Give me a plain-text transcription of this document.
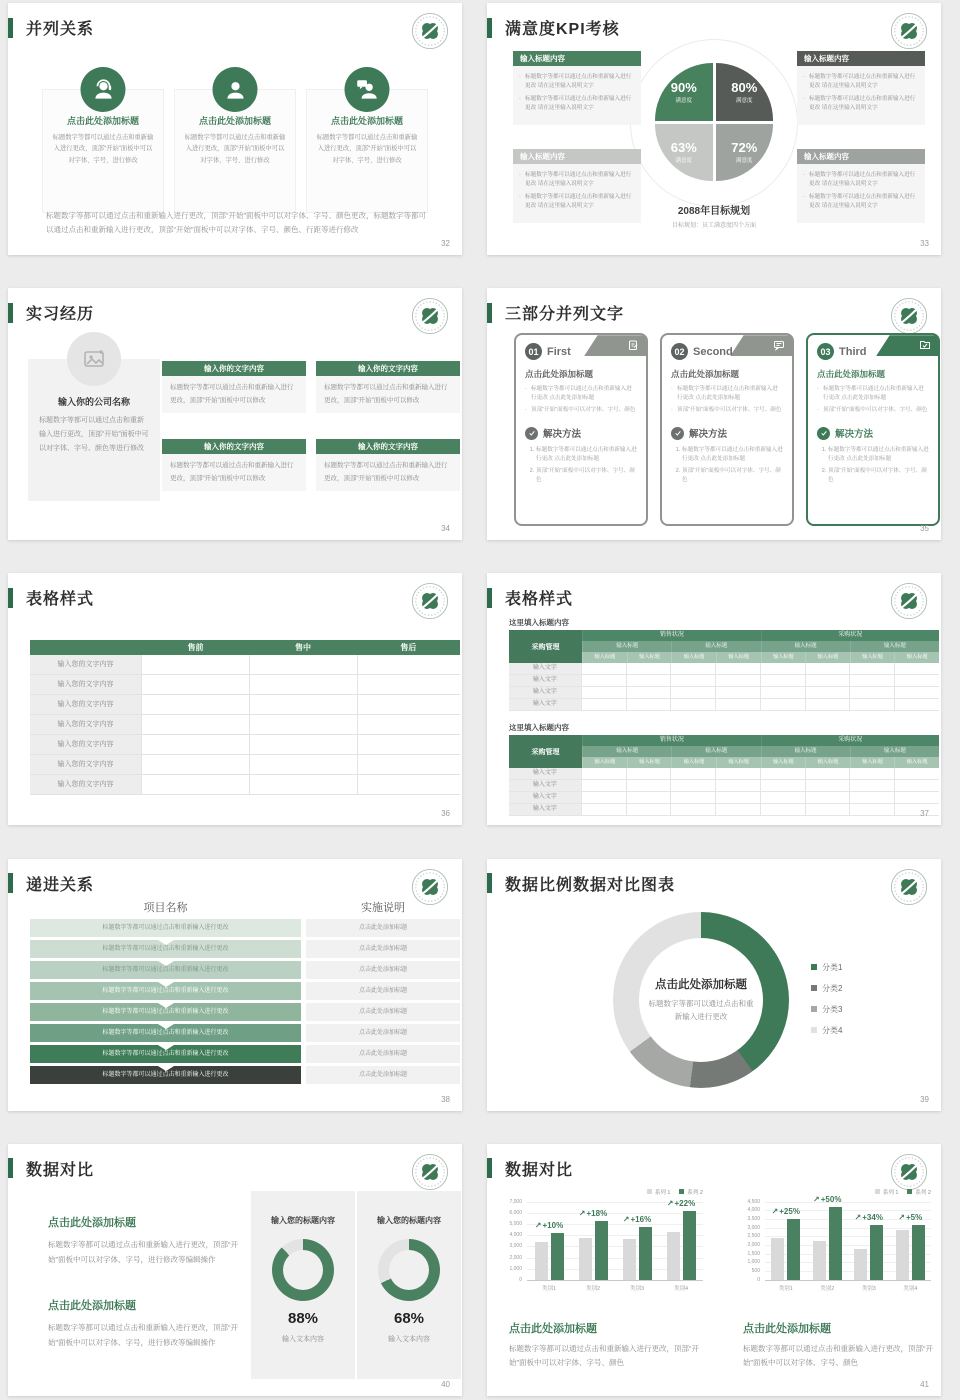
并列关系
点击此处添加标题

标题数字等都可以通过点击和重新输入进行更改，顶部“开始”面板中可以对字体、字号、进行修改

点击此处添加标题

标题数字等都可以通过点击和重新输入进行更改，顶部“开始”面板中可以对字体、字号、进行修改

点击此处添加标题

标题数字等都可以通过点击和重新输入进行更改，顶部“开始”面板中可以对字体、字号、进行修改

标题数字等都可以通过点击和重新输入进行更改，顶部“开始”面板中可以对字体、字号、颜色更改，标题数字等都可以通过点击和重新输入进行更改，顶部“开始”面板中可以对字体、字号、颜色、行距等进行修改

32
满意度KPI考核
输入标题内容
· 标题数字等都可以通过点击和重新输入进行更改 请在这里输入说明文字
· 标题数字等都可以通过点击和重新输入进行更改 请在这里输入说明文字
输入标题内容
· 标题数字等都可以通过点击和重新输入进行更改 请在这里输入说明文字
· 标题数字等都可以通过点击和重新输入进行更改 请在这里输入说明文字
输入标题内容
· 标题数字等都可以通过点击和重新输入进行更改 请在这里输入说明文字
· 标题数字等都可以通过点击和重新输入进行更改 请在这里输入说明文字
输入标题内容
· 标题数字等都可以通过点击和重新输入进行更改 请在这里输入说明文字
· 标题数字等都可以通过点击和重新输入进行更改 请在这里输入说明文字
90%
满意度
80%
满意度
63%
满意度
72%
满意度
2088年目标规划
目标规划：员工满意度四个方面
33
实习经历
输入你的公司名称

标题数字等都可以通过点击和重新输入进行更改，顶部“开始”面板中可以对字体、字号、颜色等进行修改

输入你的文字内容
标题数字等都可以通过点击和重新输入进行更改，顶部“开始”面板中可以修改
输入你的文字内容
标题数字等都可以通过点击和重新输入进行更改，顶部“开始”面板中可以修改
输入你的文字内容
标题数字等都可以通过点击和重新输入进行更改，顶部“开始”面板中可以修改
输入你的文字内容
标题数字等都可以通过点击和重新输入进行更改，顶部“开始”面板中可以修改
34
三部分并列文字
01 First
点击此处添加标题
· 标题数字等都可以通过点击和重新输入进行更改 点击此处添加标题
· 顶部“开始”面板中可以对字体、字号、颜色
解决方法
1. 标题数字等都可以通过点击和重新输入进行更改 点击此处添加标题
2. 顶部“开始”面板中可以对字体、字号、颜色
02 Second
点击此处添加标题
· 标题数字等都可以通过点击和重新输入进行更改 点击此处添加标题
· 顶部“开始”面板中可以对字体、字号、颜色
解决方法
1. 标题数字等都可以通过点击和重新输入进行更改 点击此处添加标题
2. 顶部“开始”面板中可以对字体、字号、颜色
03 Third
点击此处添加标题
· 标题数字等都可以通过点击和重新输入进行更改 点击此处添加标题
· 顶部“开始”面板中可以对字体、字号、颜色
解决方法
1. 标题数字等都可以通过点击和重新输入进行更改 点击此处添加标题
2. 顶部“开始”面板中可以对字体、字号、颜色
35
表格样式
售前	售中	售后
输入您的文字内容
输入您的文字内容
输入您的文字内容
输入您的文字内容
输入您的文字内容
输入您的文字内容
输入您的文字内容
36
表格样式
这里填入标题内容
采购管理
销售状况	采购状况
输入标题	输入标题	输入标题	输入标题
输入标题	输入标题	输入标题	输入标题	输入标题	输入标题	输入标题	输入标题
输入文字
输入文字
输入文字
输入文字
这里填入标题内容
采购管理
销售状况	采购状况
输入标题	输入标题	输入标题	输入标题
输入标题	输入标题	输入标题	输入标题	输入标题	输入标题	输入标题	输入标题
输入文字
输入文字
输入文字
输入文字	37
递进关系
项目名称	实施说明
标题数字等都可以通过点击和重新输入进行更改	点击此处添加标题
标题数字等都可以通过点击和重新输入进行更改	点击此处添加标题
标题数字等都可以通过点击和重新输入进行更改	点击此处添加标题
标题数字等都可以通过点击和重新输入进行更改	点击此处添加标题
标题数字等都可以通过点击和重新输入进行更改	点击此处添加标题
标题数字等都可以通过点击和重新输入进行更改	点击此处添加标题
标题数字等都可以通过点击和重新输入进行更改	点击此处添加标题
标题数字等都可以通过点击和重新输入进行更改	点击此处添加标题
38
数据比例数据对比图表
点击此处添加标题

标题数字等都可以通过点击和重新输入进行更改

分类1
分类2
分类3
分类4
39
数据对比
点击此处添加标题

标题数字等都可以通过点击和重新输入进行更改，顶部“开始”面板中可以对字体、字号，进行修改等编辑操作

点击此处添加标题

标题数字等都可以通过点击和重新输入进行更改，顶部“开始”面板中可以对字体、字号，进行修改等编辑操作

输入您的标题内容
88%
输入文本内容
输入您的标题内容
68%
输入文本内容
40
数据对比
系列 1	系列 2
7,000
6,000
5,000
4,000
3,000
2,000
1,000
0
↗+10%
↗+18%
↗+16%
↗+22%
类别1	类别2	类别3	类别4
系列 1	系列 2
4,500
4,000
3,500
3,000
2,500
2,000
1,500
1,000
500
0
↗+25%
↗+50%
↗+34% ↗+5%
类别1	类别2	类别3	类别4
点击此处添加标题

标题数字等都可以通过点击和重新输入进行更改，顶部“开始”面板中可以对字体、字号、颜色

点击此处添加标题

标题数字等都可以通过点击和重新输入进行更改，顶部“开始”面板中可以对字体、字号、颜色

41
